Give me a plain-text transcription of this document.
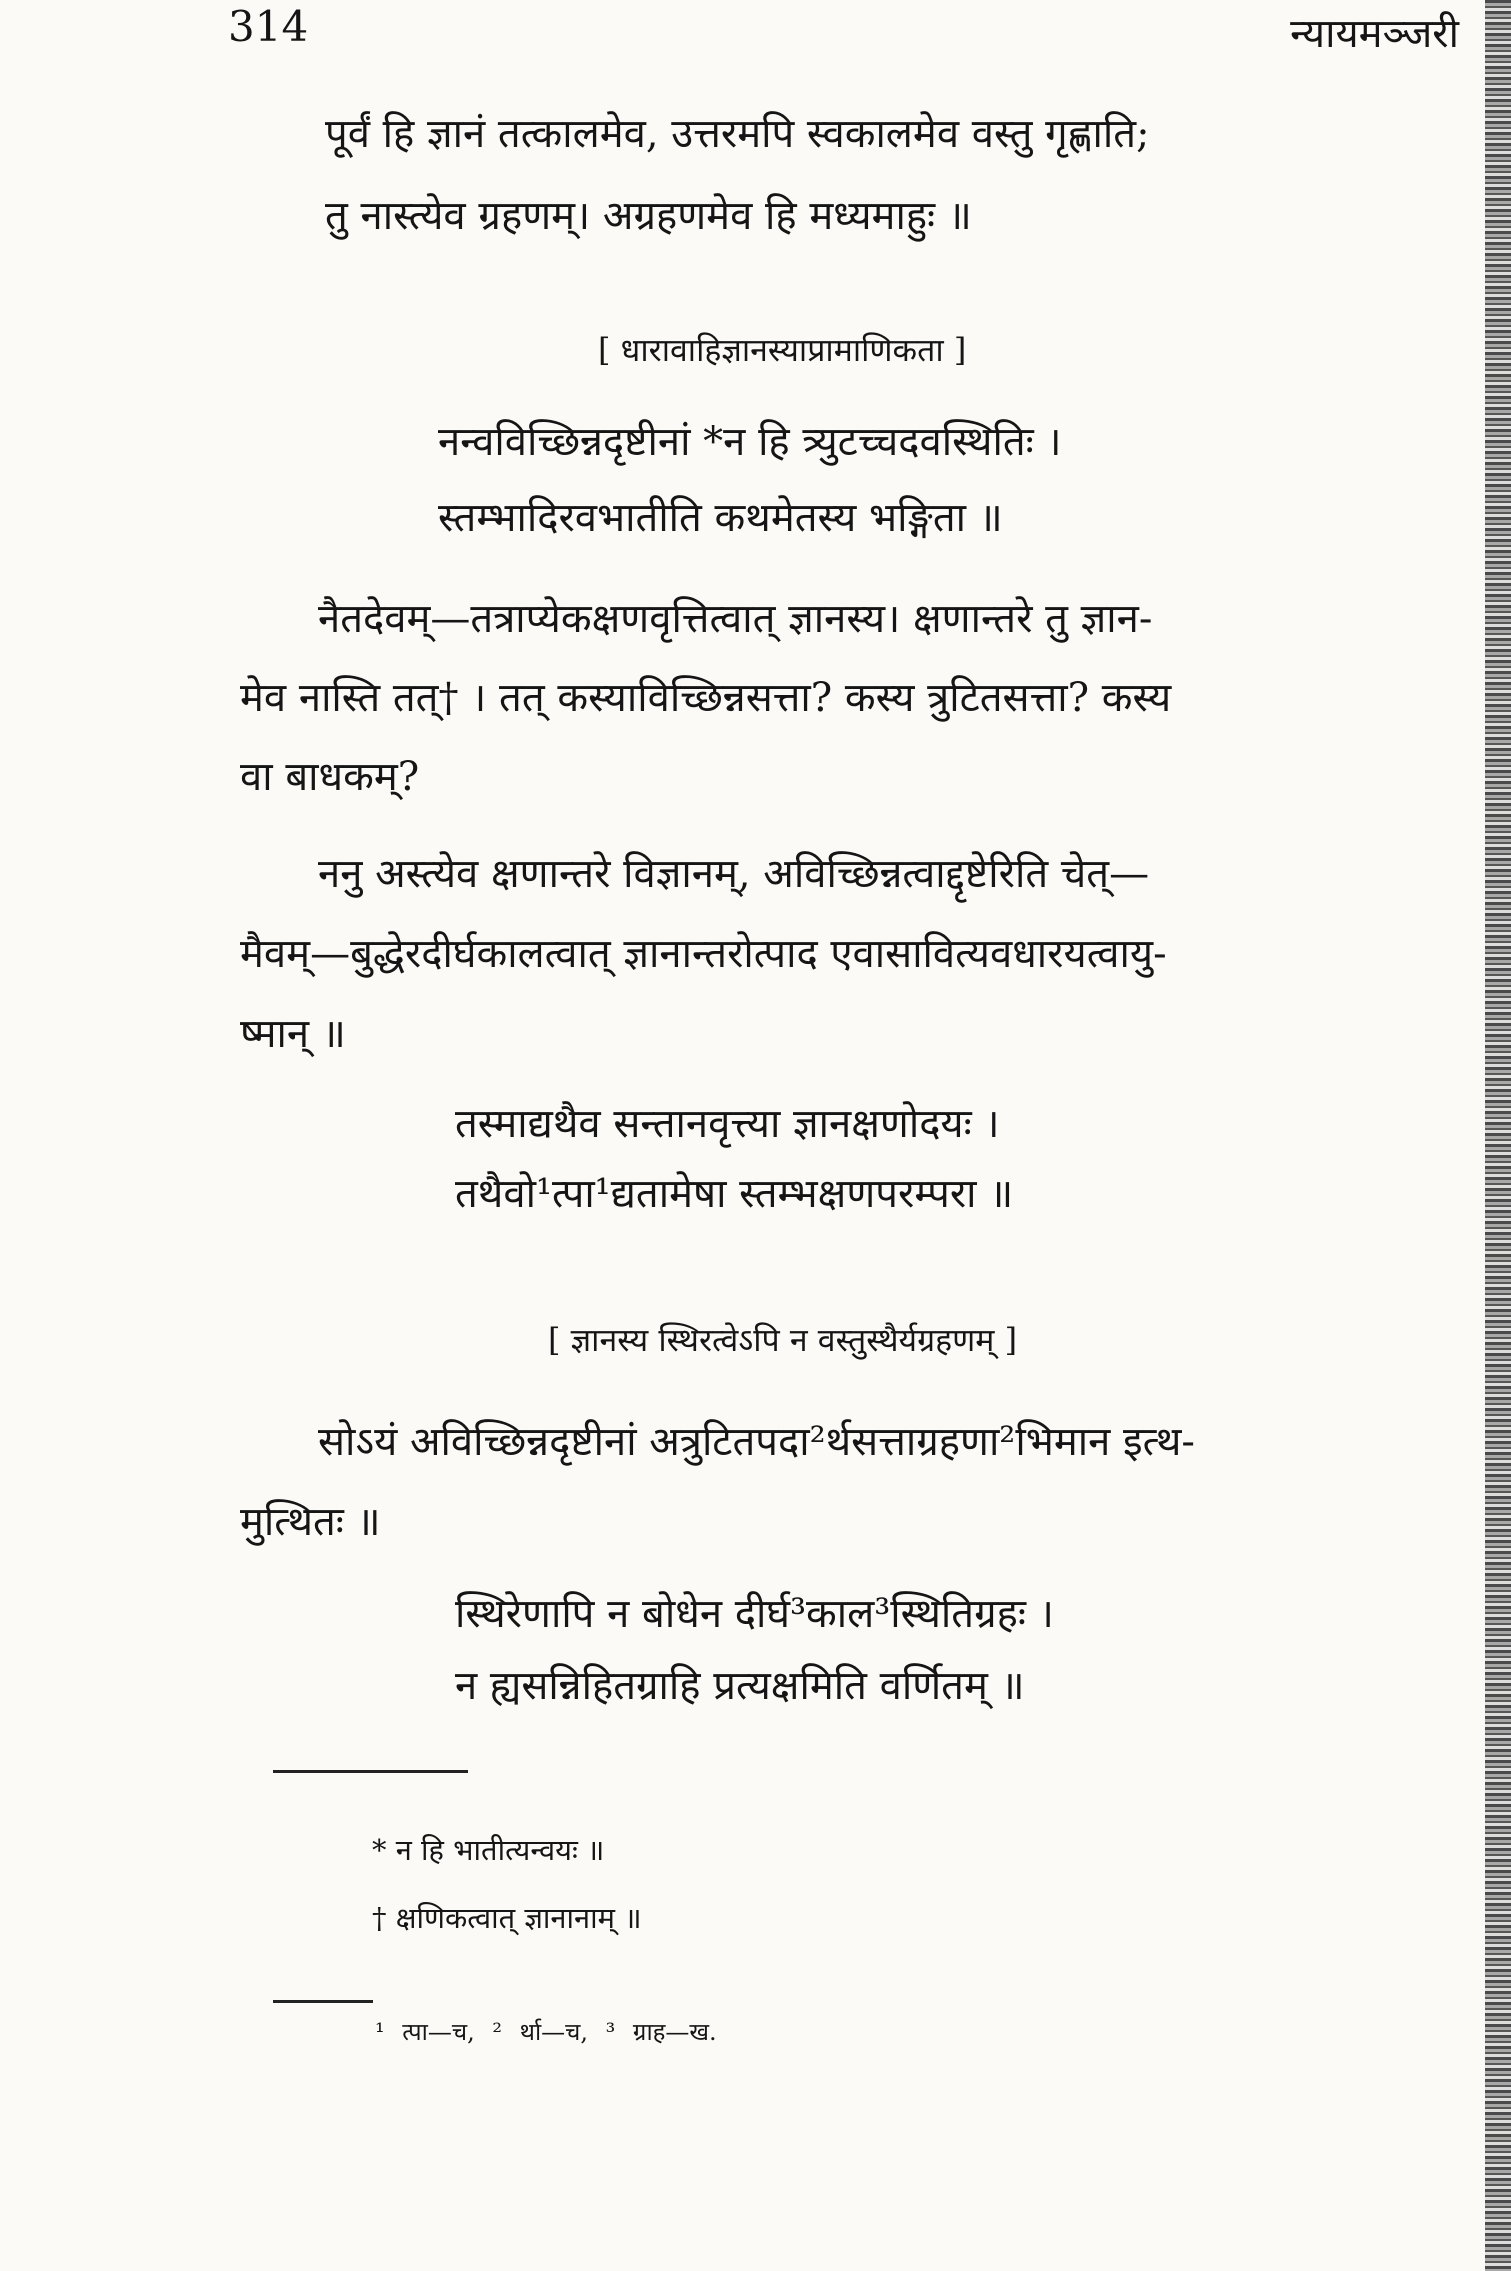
314	न्यायमञ्जरी
पूर्वं हि ज्ञानं तत्कालमेव, उत्तरमपि स्वकालमेव वस्तु गृह्णाति;
तु नास्त्येव ग्रहणम्। अग्रहणमेव हि मध्यमाहुः ॥
[ धारावाहिज्ञानस्याप्रामाणिकता ]
नन्वविच्छिन्नदृष्टीनां *न हि त्र्युटच्चदवस्थितिः ।
स्तम्भादिरवभातीति कथमेतस्य भङ्गिता ॥
नैतदेवम्—तत्राप्येकक्षणवृत्तित्वात् ज्ञानस्य। क्षणान्तरे तु ज्ञान-
मेव नास्ति तत्† । तत् कस्याविच्छिन्नसत्ता? कस्य त्रुटितसत्ता? कस्य
वा बाधकम्?
ननु अस्त्येव क्षणान्तरे विज्ञानम्, अविच्छिन्नत्वाद्दृष्टेरिति चेत्—
मैवम्—बुद्धेरदीर्घकालत्वात् ज्ञानान्तरोत्पाद एवासावित्यवधारयत्वायु-
ष्मान् ॥
तस्माद्यथैव सन्तानवृत्त्या ज्ञानक्षणोदयः ।
तथैवो¹त्पा¹द्यतामेषा स्तम्भक्षणपरम्परा ॥
[ ज्ञानस्य स्थिरत्वेऽपि न वस्तुस्थैर्यग्रहणम् ]
सोऽयं अविच्छिन्नदृष्टीनां अत्रुटितपदा²र्थसत्ताग्रहणा²भिमान इत्थ-
मुत्थितः ॥
स्थिरेणापि न बोधेन दीर्घ³काल³स्थितिग्रहः ।
न ह्यसन्निहितग्राहि प्रत्यक्षमिति वर्णितम् ॥
* न हि भातीत्यन्वयः ॥
† क्षणिकत्वात् ज्ञानानाम् ॥
¹ त्पा—च, ² र्था—च, ³ ग्राह—ख.
